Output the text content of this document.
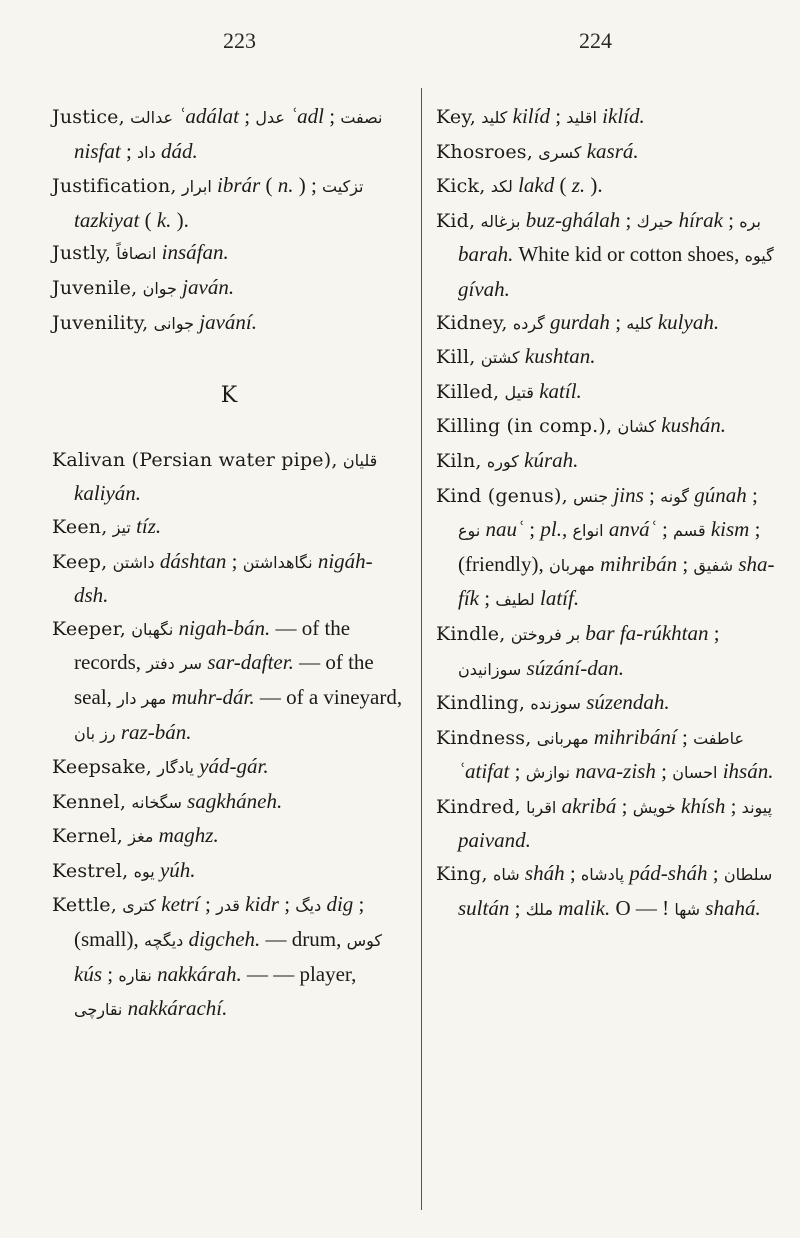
223	224

Justice, عدالت ʿadálat ; عدل ʿadl ; نصفت nisfat ; داد dád.

Justification, ابرار ibrár ( n. ) ; تزکیت tazkiyat ( k. ).

Justly, انصافاً insáfan.

Juvenile, جوان javán.

Juvenility, جوانی javání.

K

Kalivan (Persian water pipe), قلیان kaliyán.

Keen, تیز tíz.

Keep, داشتن dáshtan ; نگاهداشتن nigáh-dsh.

Keeper, نگهبان nigah-bán. — of the records, سر دفتر sar-dafter. — of the seal, مهر دار muhr-dár. — of a vineyard, رز بان raz-bán.

Keepsake, یادگار yád-gár.

Kennel, سگخانه sagkháneh.

Kernel, مغز maghz.

Kestrel, یوه yúh.

Kettle, کتری ketrí ; قدر kidr ; دیگ dig ; (small), دیگچه digcheh. — drum, کوس kús ; نقاره nakkárah. — — player, نقارچی nakkárachí.

Key, کلید kilíd ; اقلید iklíd.

Khosroes, کسری kasrá.

Kick, لکد lakd ( z. ).

Kid, بزغاله buz-ghálah ; حيرك hírak ; بره barah. White kid or cotton shoes, گیوه gívah.

Kidney, گرده gurdah ; کلیه kulyah.

Kill, کشتن kushtan.

Killed, قتیل katíl.

Killing (in comp.), کشان kushán.

Kiln, کوره kúrah.

Kind (genus), جنس jins ; گونه gúnah ; نوع nauʿ ; pl., انواع anváʿ ; قسم kism ; (friendly), مهربان mihribán ; شفیق sha-fík ; لطیف latíf.

Kindle, بر فروختن bar fa-rúkhtan ; سوزانیدن súzání-dan.

Kindling, سوزنده súzendah.

Kindness, مهربانی mihribání ; عاطفت ʿatifat ; نوازش nava-zish ; احسان ihsán.

Kindred, اقربا akribá ; خویش khísh ; پیوند paivand.

King, شاه sháh ; پادشاه pád-sháh ; سلطان sultán ; ملك malik. O — ! شها shahá.
